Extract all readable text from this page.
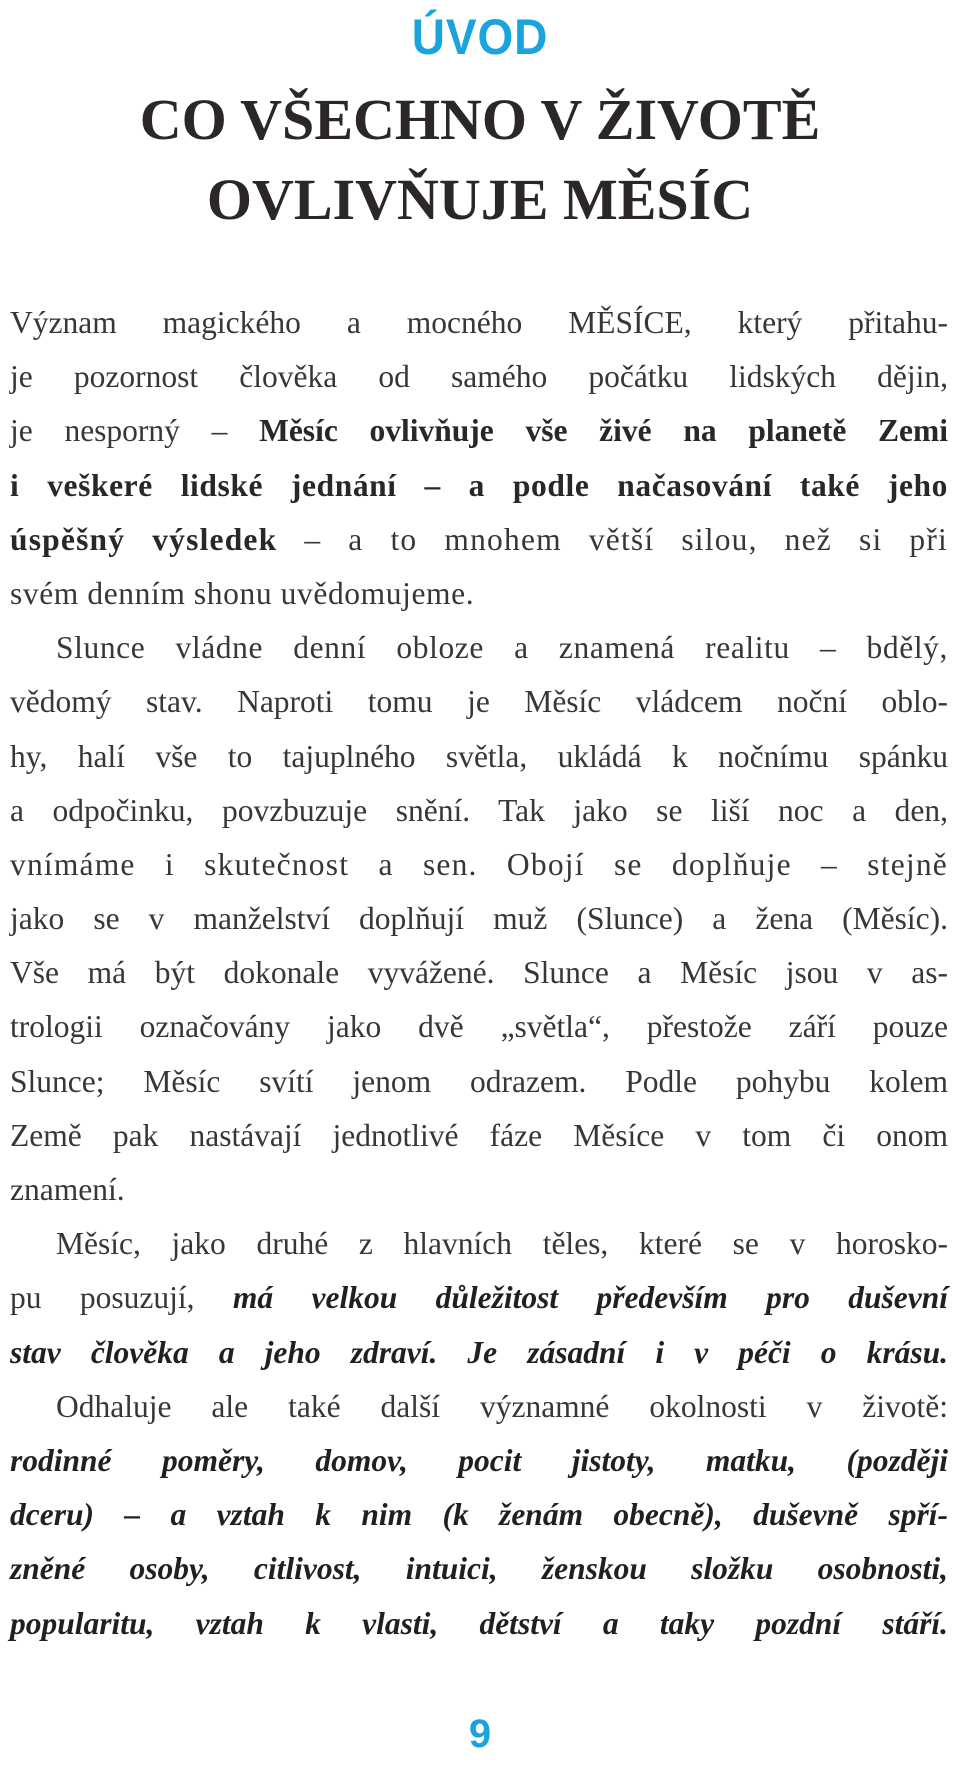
ÚVOD
CO VŠECHNO V ŽIVOTĚ
OVLIVŇUJE MĚSÍC
Význam magického a mocného MĚSÍCE, který přitahu-
je pozornost člověka od samého počátku lidských dějin,
je nesporný – Měsíc ovlivňuje vše živé na planetě Zemi
i veškeré lidské jednání – a podle načasování také jeho
úspěšný výsledek – a to mnohem větší silou, než si při
svém denním shonu uvědomujeme.
Slunce vládne denní obloze a znamená realitu – bdělý,
vědomý stav. Naproti tomu je Měsíc vládcem noční oblo-
hy, halí vše to tajuplného světla, ukládá k nočnímu spánku
a odpočinku, povzbuzuje snění. Tak jako se liší noc a den,
vnímáme i skutečnost a sen. Obojí se doplňuje – stejně
jako se v manželství doplňují muž (Slunce) a žena (Měsíc).
Vše má být dokonale vyvážené. Slunce a Měsíc jsou v as-
trologii označovány jako dvě „světla“, přestože září pouze
Slunce; Měsíc svítí jenom odrazem. Podle pohybu kolem
Země pak nastávají jednotlivé fáze Měsíce v tom či onom
znamení.
Měsíc, jako druhé z hlavních těles, které se v horosko-
pu posuzují, má velkou důležitost především pro duševní
stav člověka a jeho zdraví. Je zásadní i v péči o krásu.
Odhaluje ale také další významné okolnosti v životě:
rodinné poměry, domov, pocit jistoty, matku, (později
dceru) – a vztah k nim (k ženám obecně), duševně spří-
zněné osoby, citlivost, intuici, ženskou složku osobnosti,
popularitu, vztah k vlasti, dětství a taky pozdní stáří.
9
